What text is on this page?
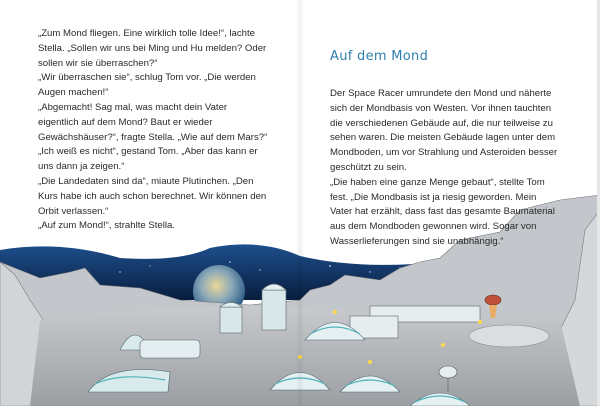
„Zum Mond fliegen. Eine wirklich tolle Idee!“, lachte
Stella. „Sollen wir uns bei Ming und Hu melden? Oder
sollen wir sie überraschen?“
„Wir überraschen sie“, schlug Tom vor. „Die werden
Augen machen!“
„Abgemacht! Sag mal, was macht dein Vater
eigentlich auf dem Mond? Baut er wieder
Gewächshäuser?“, fragte Stella. „Wie auf dem Mars?“
„Ich weiß es nicht“, gestand Tom. „Aber das kann er
uns dann ja zeigen.“
„Die Landedaten sind da“, miaute Plutinchen. „Den
Kurs habe ich auch schon berechnet. Wir können den
Orbit verlassen.“
„Auf zum Mond!“, strahlte Stella.
Auf dem Mond
Der Space Racer umrundete den Mond und näherte
sich der Mondbasis von Westen. Vor ihnen tauchten
die verschiedenen Gebäude auf, die nur teilweise zu
sehen waren. Die meisten Gebäude lagen unter dem
Mondboden, um vor Strahlung und Asteroiden besser
geschützt zu sein.
„Die haben eine ganze Menge gebaut“, stellte Tom
fest. „Die Mondbasis ist ja riesig geworden. Mein
Vater hat erzählt, dass fast das gesamte Baumaterial
aus dem Mondboden gewonnen wird. Sogar von
Wasserlieferungen sind sie unabhängig.“
